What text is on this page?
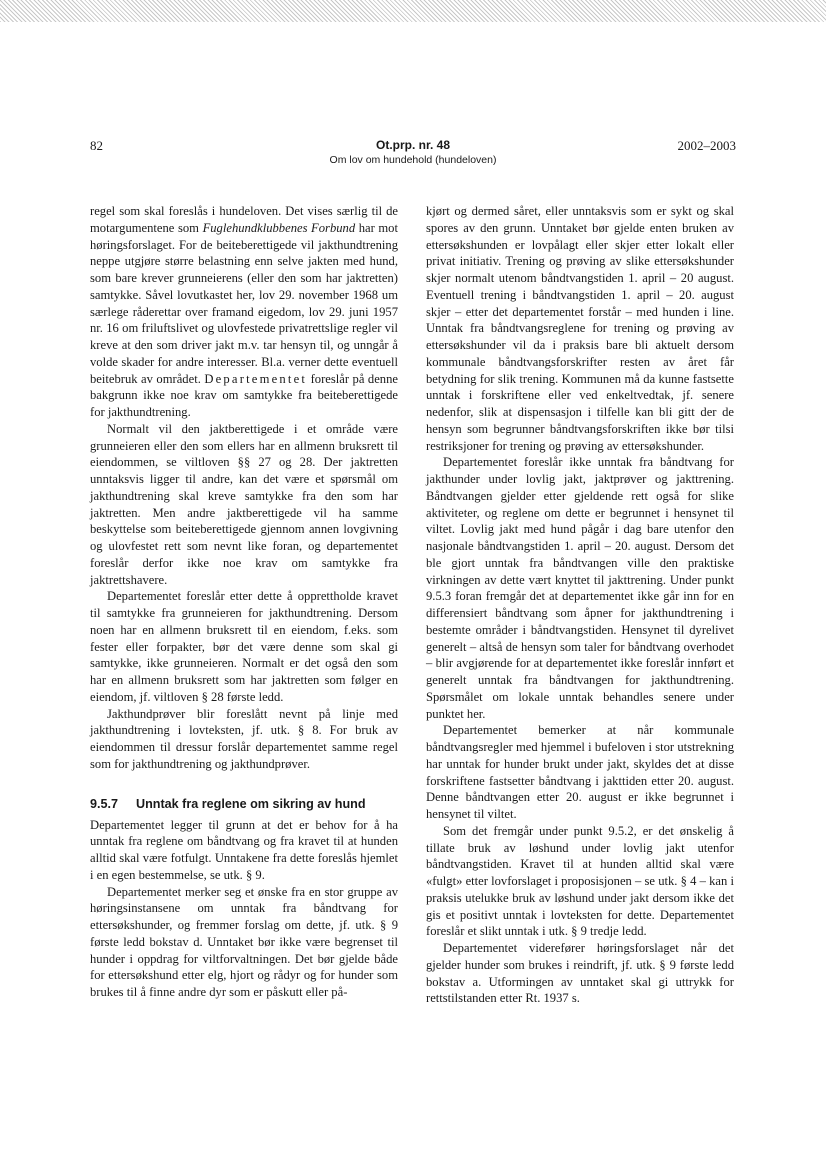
82	Ot.prp. nr. 48
Om lov om hundehold (hundeloven)
2002–2003

regel som skal foreslås i hundeloven. Det vises særlig til de motargumentene som Fuglehundklubbenes Forbund har mot høringsforslaget. For de beiteberettigede vil jakthundtrening neppe utgjøre større belastning enn selve jakten med hund, som bare krever grunneierens (eller den som har jaktretten) samtykke. Såvel lovutkastet her, lov 29. november 1968 um særlege råderettar over framand eigedom, lov 29. juni 1957 nr. 16 om friluftslivet og ulovfestede privatrettslige regler vil kreve at den som driver jakt m.v. tar hensyn til, og unngår å volde skader for andre interesser. Bl.a. verner dette eventuell beitebruk av området. Departementet foreslår på denne bakgrunn ikke noe krav om samtykke fra beiteberettigede for jakthundtrening.

Normalt vil den jaktberettigede i et område være grunneieren eller den som ellers har en allmenn bruksrett til eiendommen, se viltloven §§ 27 og 28. Der jaktretten unntaksvis ligger til andre, kan det være et spørsmål om jakthundtrening skal kreve samtykke fra den som har jaktretten. Men andre jaktberettigede vil ha samme beskyttelse som beiteberettigede gjennom annen lovgivning og ulovfestet rett som nevnt like foran, og departementet foreslår derfor ikke noe krav om samtykke fra jaktrettshavere.

Departementet foreslår etter dette å opprettholde kravet til samtykke fra grunneieren for jakthundtrening. Dersom noen har en allmenn bruksrett til en eiendom, f.eks. som fester eller forpakter, bør det være denne som skal gi samtykke, ikke grunneieren. Normalt er det også den som har en allmenn bruksrett som har jaktretten som følger en eiendom, jf. viltloven § 28 første ledd.

Jakthundprøver blir foreslått nevnt på linje med jakthundtrening i lovteksten, jf. utk. § 8. For bruk av eiendommen til dressur forslår departementet samme regel som for jakthundtrening og jakthundprøver.

9.5.7 Unntak fra reglene om sikring av hund

Departementet legger til grunn at det er behov for å ha unntak fra reglene om båndtvang og fra kravet til at hunden alltid skal være fotfulgt. Unntakene fra dette foreslås hjemlet i en egen bestemmelse, se utk. § 9.

Departementet merker seg et ønske fra en stor gruppe av høringsinstansene om unntak fra båndtvang for ettersøkshunder, og fremmer forslag om dette, jf. utk. § 9 første ledd bokstav d. Unntaket bør ikke være begrenset til hunder i oppdrag for viltforvaltningen. Det bør gjelde både for ettersøkshund etter elg, hjort og rådyr og for hunder som brukes til å finne andre dyr som er påskutt eller på-

kjørt og dermed såret, eller unntaksvis som er sykt og skal spores av den grunn. Unntaket bør gjelde enten bruken av ettersøkshunden er lovpålagt eller skjer etter lokalt eller privat initiativ. Trening og prøving av slike ettersøkshunder skjer normalt utenom båndtvangstiden 1. april – 20 august. Eventuell trening i båndtvangstiden 1. april – 20. august skjer – etter det departementet forstår – med hunden i line. Unntak fra båndtvangsreglene for trening og prøving av ettersøkshunder vil da i praksis bare bli aktuelt dersom kommunale båndtvangsforskrifter resten av året får betydning for slik trening. Kommunen må da kunne fastsette unntak i forskriftene eller ved enkeltvedtak, jf. senere nedenfor, slik at dispensasjon i tilfelle kan bli gitt der de hensyn som begrunner båndtvangsforskriften ikke bør tilsi restriksjoner for trening og prøving av ettersøkshunder.

Departementet foreslår ikke unntak fra båndtvang for jakthunder under lovlig jakt, jaktprøver og jakttrening. Båndtvangen gjelder etter gjeldende rett også for slike aktiviteter, og reglene om dette er begrunnet i hensynet til viltet. Lovlig jakt med hund pågår i dag bare utenfor den nasjonale båndtvangstiden 1. april – 20. august. Dersom det ble gjort unntak fra båndtvangen ville den praktiske virkningen av dette vært knyttet til jakttrening. Under punkt 9.5.3 foran fremgår det at departementet ikke går inn for en differensiert båndtvang som åpner for jakthundtrening i bestemte områder i båndtvangstiden. Hensynet til dyrelivet generelt – altså de hensyn som taler for båndtvang overhodet – blir avgjørende for at departementet ikke foreslår innført et generelt unntak fra båndtvangen for jakthundtrening. Spørsmålet om lokale unntak behandles senere under punktet her.

Departementet bemerker at når kommunale båndtvangsregler med hjemmel i bufeloven i stor utstrekning har unntak for hunder brukt under jakt, skyldes det at disse forskriftene fastsetter båndtvang i jakttiden etter 20. august. Denne båndtvangen etter 20. august er ikke begrunnet i hensynet til viltet.

Som det fremgår under punkt 9.5.2, er det ønskelig å tillate bruk av løshund under lovlig jakt utenfor båndtvangstiden. Kravet til at hunden alltid skal være «fulgt» etter lovforslaget i proposisjonen – se utk. § 4 – kan i praksis utelukke bruk av løshund under jakt dersom ikke det gis et positivt unntak i lovteksten for dette. Departementet foreslår et slikt unntak i utk. § 9 tredje ledd.

Departementet viderefører høringsforslaget når det gjelder hunder som brukes i reindrift, jf. utk. § 9 første ledd bokstav a. Utformingen av unntaket skal gi uttrykk for rettstilstanden etter Rt. 1937 s.
